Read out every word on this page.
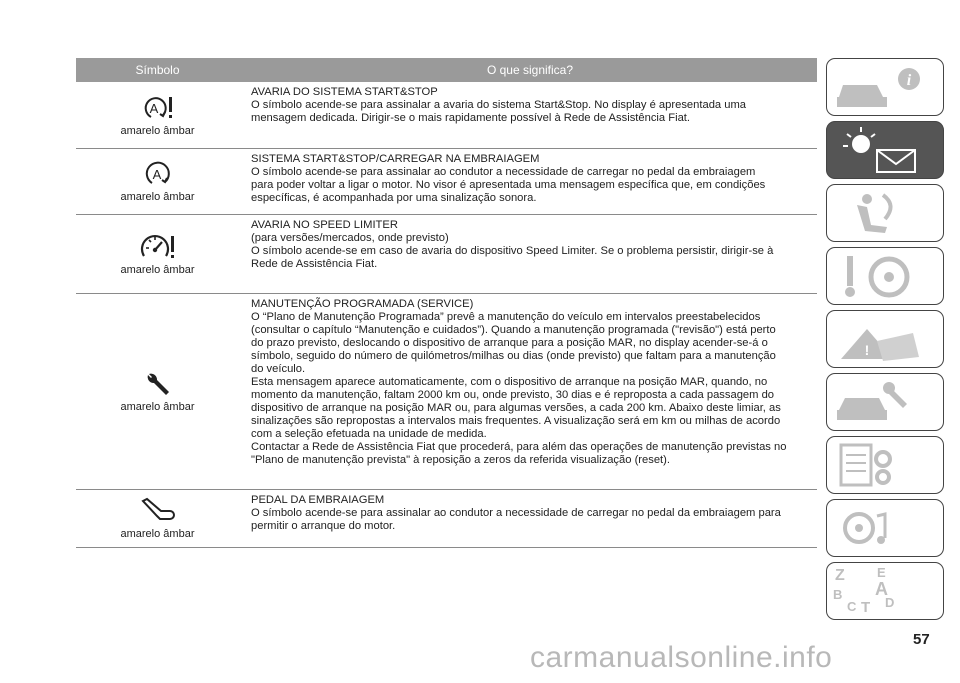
Símbolo	O que significa?
A
amarelo âmbar

AVARIA DO SISTEMA START&STOP

O símbolo acende-se para assinalar a avaria do sistema Start&Stop. No display é apresentada uma

mensagem dedicada. Dirigir-se o mais rapidamente possível à Rede de Assistência Fiat.

A
amarelo âmbar

SISTEMA START&STOP/CARREGAR NA EMBRAIAGEM

O símbolo acende-se para assinalar ao condutor a necessidade de carregar no pedal da embraiagem

para poder voltar a ligar o motor. No visor é apresentada uma mensagem específica que, em condições

específicas, é acompanhada por uma sinalização sonora.

amarelo âmbar

AVARIA NO SPEED LIMITER

(para versões/mercados, onde previsto)

O símbolo acende-se em caso de avaria do dispositivo Speed Limiter. Se o problema persistir, dirigir-se à

Rede de Assistência Fiat.

amarelo âmbar

MANUTENÇÃO PROGRAMADA (SERVICE)

O “Plano de Manutenção Programada” prevê a manutenção do veículo em intervalos preestabelecidos

(consultar o capítulo “Manutenção e cuidados”). Quando a manutenção programada ("revisão") está perto

do prazo previsto, deslocando o dispositivo de arranque para a posição MAR, no display acender-se-á o

símbolo, seguido do número de quilómetros/milhas ou dias (onde previsto) que faltam para a manutenção

do veículo.

Esta mensagem aparece automaticamente, com o dispositivo de arranque na posição MAR, quando, no

momento da manutenção, faltam 2000 km ou, onde previsto, 30 dias e é reproposta a cada passagem do

dispositivo de arranque na posição MAR ou, para algumas versões, a cada 200 km. Abaixo deste limiar, as

sinalizações são repropostas a intervalos mais frequentes. A visualização será em km ou milhas de acordo

com a seleção efetuada na unidade de medida.

Contactar a Rede de Assistência Fiat que procederá, para além das operações de manutenção previstas no

"Plano de manutenção prevista" à reposição a zeros da referida visualização (reset).

amarelo âmbar

PEDAL DA EMBRAIAGEM

O símbolo acende-se para assinalar ao condutor a necessidade de carregar no pedal da embraiagem para

permitir o arranque do motor.

i
!
Z E
B A
C T D
carmanualsonline.info
57
